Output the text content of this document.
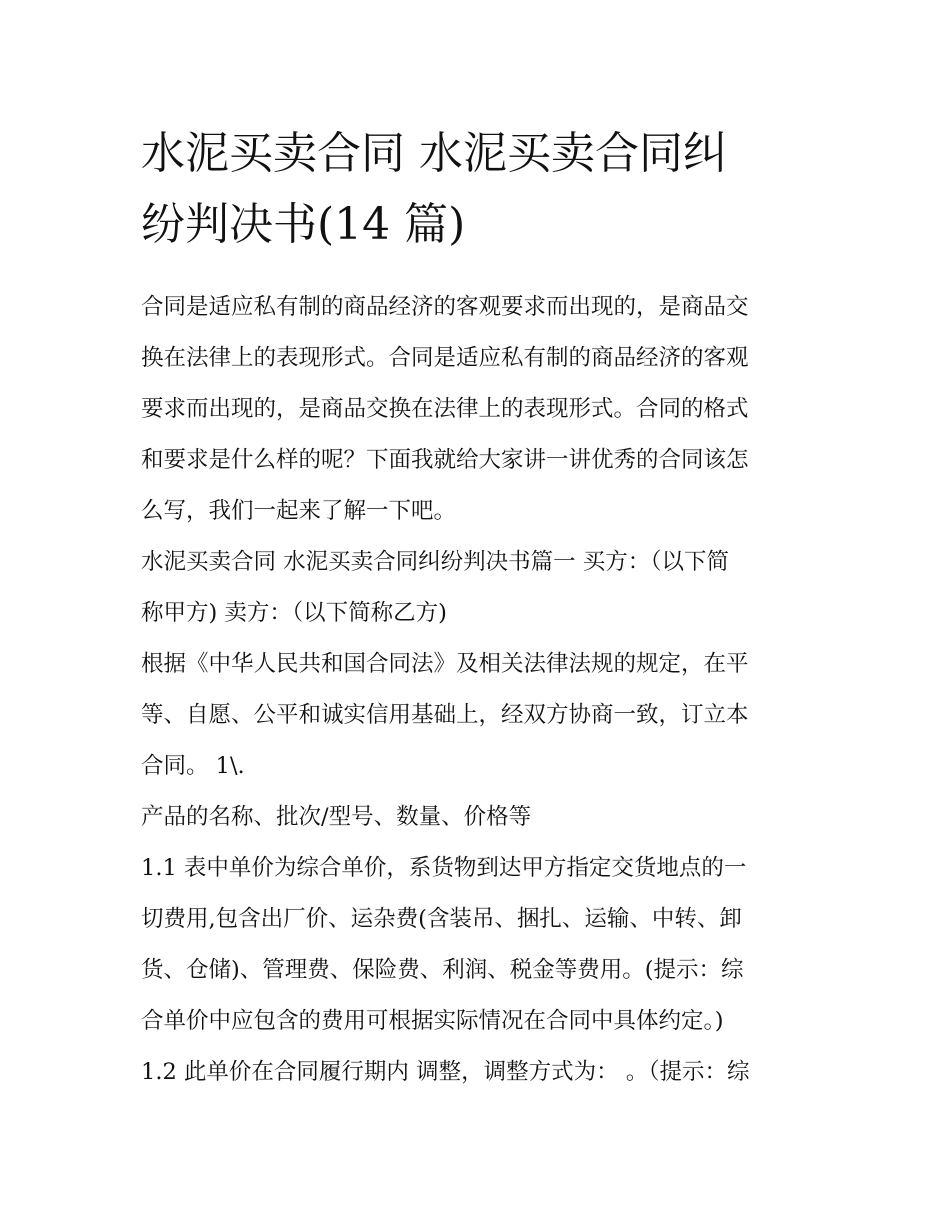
水泥买卖合同 水泥买卖合同纠
纷判决书(14 篇)

合同是适应私有制的商品经济的客观要求而出现的，是商品交

换在法律上的表现形式。合同是适应私有制的商品经济的客观

要求而出现的，是商品交换在法律上的表现形式。合同的格式

和要求是什么样的呢？下面我就给大家讲一讲优秀的合同该怎

么写，我们一起来了解一下吧。

水泥买卖合同 水泥买卖合同纠纷判决书篇一 买方：（以下简

称甲方) 卖方：（以下简称乙方)

根据《中华人民共和国合同法》及相关法律法规的规定，在平

等、自愿、公平和诚实信用基础上，经双方协商一致，订立本

合同。 1\.

产品的名称、批次/型号、数量、价格等

1.1 表中单价为综合单价，系货物到达甲方指定交货地点的一

切费用,包含出厂价、运杂费(含装吊、捆扎、运输、中转、卸

货、仓储)、管理费、保险费、利润、税金等费用。(提示：综

合单价中应包含的费用可根据实际情况在合同中具体约定。)

1.2 此单价在合同履行期内 调整，调整方式为： 。（提示：综
